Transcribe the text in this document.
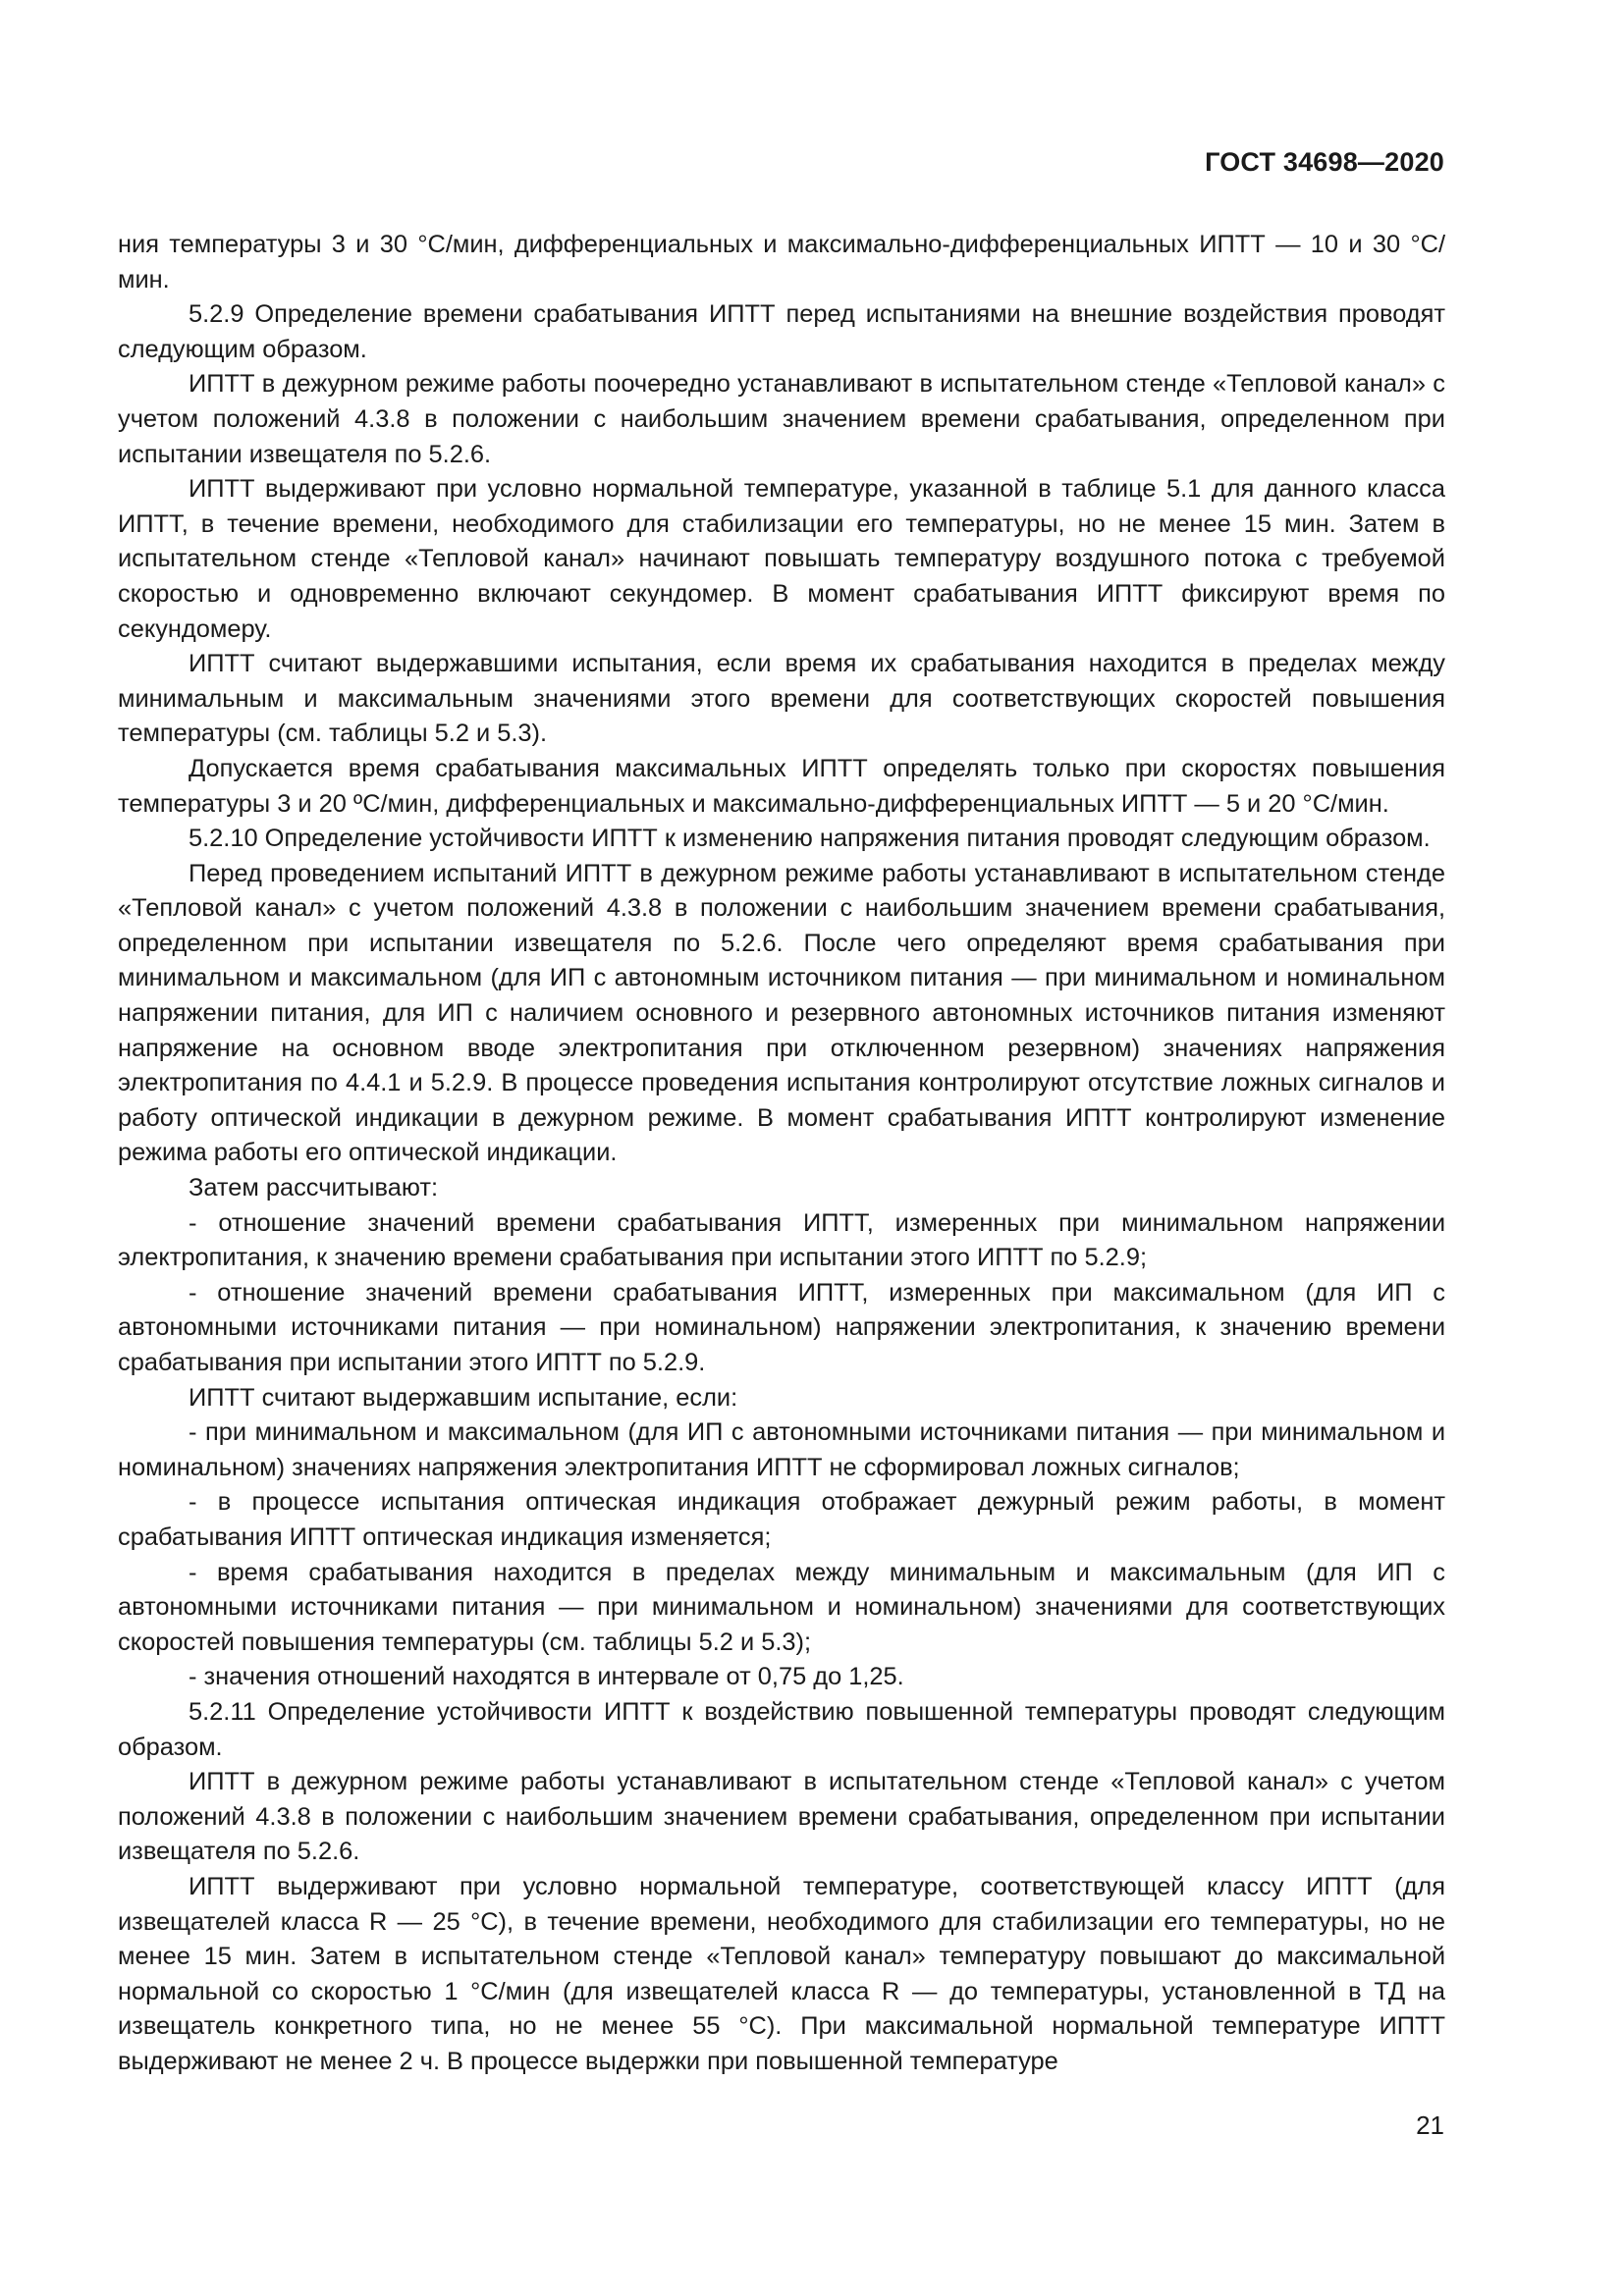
ГОСТ 34698—2020

ния температуры 3 и 30 °С/мин, дифференциальных и максимально-дифференциальных ИПТТ — 10 и 30 °С/мин.

5.2.9 Определение времени срабатывания ИПТТ перед испытаниями на внешние воздействия проводят следующим образом.

ИПТТ в дежурном режиме работы поочередно устанавливают в испытательном стенде «Тепловой канал» с учетом положений 4.3.8 в положении с наибольшим значением времени срабатывания, определенном при испытании извещателя по 5.2.6.

ИПТТ выдерживают при условно нормальной температуре, указанной в таблице 5.1 для данного класса ИПТТ, в течение времени, необходимого для стабилизации его температуры, но не менее 15 мин. Затем в испытательном стенде «Тепловой канал» начинают повышать температуру воздушного потока с требуемой скоростью и одновременно включают секундомер. В момент срабатывания ИПТТ фиксируют время по секундомеру.

ИПТТ считают выдержавшими испытания, если время их срабатывания находится в пределах между минимальным и максимальным значениями этого времени для соответствующих скоростей повышения температуры (см. таблицы 5.2 и 5.3).

Допускается время срабатывания максимальных ИПТТ определять только при скоростях повышения температуры 3 и 20 ºС/мин, дифференциальных и максимально-дифференциальных ИПТТ — 5 и 20 °С/мин.

5.2.10 Определение устойчивости ИПТТ к изменению напряжения питания проводят следующим образом.

Перед проведением испытаний ИПТТ в дежурном режиме работы устанавливают в испытательном стенде «Тепловой канал» с учетом положений 4.3.8 в положении с наибольшим значением времени срабатывания, определенном при испытании извещателя по 5.2.6. После чего определяют время срабатывания при минимальном и максимальном (для ИП с автономным источником питания — при минимальном и номинальном напряжении питания, для ИП с наличием основного и резервного автономных источников питания изменяют напряжение на основном вводе электропитания при отключенном резервном) значениях напряжения электропитания по 4.4.1 и 5.2.9. В процессе проведения испытания контролируют отсутствие ложных сигналов и работу оптической индикации в дежурном режиме. В момент срабатывания ИПТТ контролируют изменение режима работы его оптической индикации.

Затем рассчитывают:

- отношение значений времени срабатывания ИПТТ, измеренных при минимальном напряжении электропитания, к значению времени срабатывания при испытании этого ИПТТ по 5.2.9;

- отношение значений времени срабатывания ИПТТ, измеренных при максимальном (для ИП с автономными источниками питания — при номинальном) напряжении электропитания, к значению времени срабатывания при испытании этого ИПТТ по 5.2.9.

ИПТТ считают выдержавшим испытание, если:

- при минимальном и максимальном (для ИП с автономными источниками питания — при минимальном и номинальном) значениях напряжения электропитания ИПТТ не сформировал ложных сигналов;

- в процессе испытания оптическая индикация отображает дежурный режим работы, в момент срабатывания ИПТТ оптическая индикация изменяется;

- время срабатывания находится в пределах между минимальным и максимальным (для ИП с автономными источниками питания — при минимальном и номинальном) значениями для соответствующих скоростей повышения температуры (см. таблицы 5.2 и 5.3);

- значения отношений находятся в интервале от 0,75 до 1,25.

5.2.11 Определение устойчивости ИПТТ к воздействию повышенной температуры проводят следующим образом.

ИПТТ в дежурном режиме работы устанавливают в испытательном стенде «Тепловой канал» с учетом положений 4.3.8 в положении с наибольшим значением времени срабатывания, определенном при испытании извещателя по 5.2.6.

ИПТТ выдерживают при условно нормальной температуре, соответствующей классу ИПТТ (для извещателей класса R — 25 °С), в течение времени, необходимого для стабилизации его температуры, но не менее 15 мин. Затем в испытательном стенде «Тепловой канал» температуру повышают до максимальной нормальной со скоростью 1 °С/мин (для извещателей класса R — до температуры, установленной в ТД на извещатель конкретного типа, но не менее 55 °С). При максимальной нормальной температуре ИПТТ выдерживают не менее 2 ч. В процессе выдержки при повышенной температуре

21
